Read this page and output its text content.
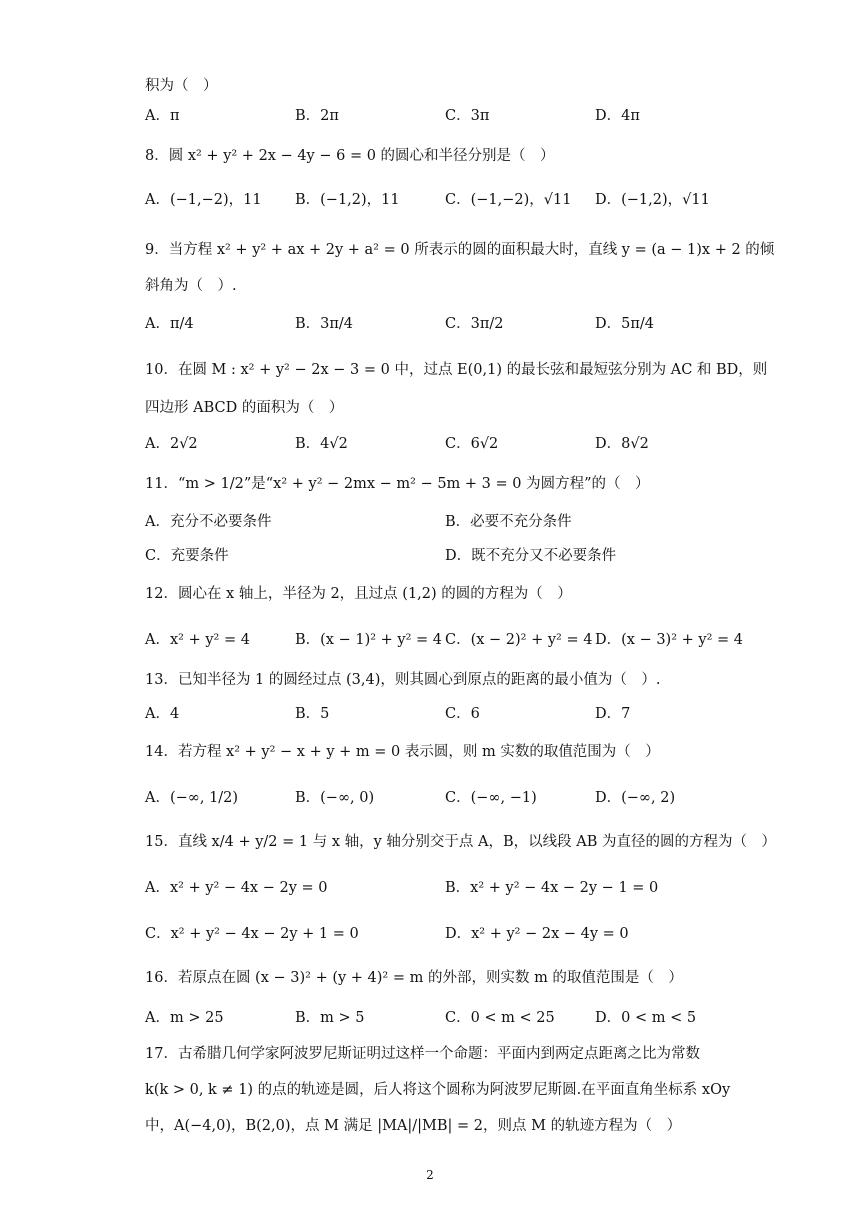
积为（　）
A．π	B．2π	C．3π	D．4π
8．圆 x² + y² + 2x − 4y − 6 = 0 的圆心和半径分别是（　）
A．(−1,−2)，11 B．(−1,2)，11	C．(−1,−2)，√11 D．(−1,2)，√11
9．当方程 x² + y² + ax + 2y + a² = 0 所表示的圆的面积最大时，直线 y = (a − 1)x + 2 的倾
斜角为（　）.
A．π/4	B．3π/4	C．3π/2	D．5π/4
10．在圆 M : x² + y² − 2x − 3 = 0 中，过点 E(0,1) 的最长弦和最短弦分别为 AC 和 BD，则
四边形 ABCD 的面积为（　）
A．2√2	B．4√2	C．6√2	D．8√2
11．“m > 1/2”是“x² + y² − 2mx − m² − 5m + 3 = 0 为圆方程”的（　）
A．充分不必要条件	B．必要不充分条件
C．充要条件	D．既不充分又不必要条件
12．圆心在 x 轴上，半径为 2，且过点 (1,2) 的圆的方程为（　）
A．x² + y² = 4	B．(x − 1)² + y² = 4 C．(x − 2)² + y² = 4 D．(x − 3)² + y² = 4
13．已知半径为 1 的圆经过点 (3,4)，则其圆心到原点的距离的最小值为（　）.
A．4	B．5	C．6	D．7
14．若方程 x² + y² − x + y + m = 0 表示圆，则 m 实数的取值范围为（　）
A．(−∞, 1/2)	B．(−∞, 0)	C．(−∞, −1)	D．(−∞, 2)
15．直线 x/4 + y/2 = 1 与 x 轴，y 轴分别交于点 A，B，以线段 AB 为直径的圆的方程为（　）
A．x² + y² − 4x − 2y = 0	B．x² + y² − 4x − 2y − 1 = 0
C．x² + y² − 4x − 2y + 1 = 0	D．x² + y² − 2x − 4y = 0
16．若原点在圆 (x − 3)² + (y + 4)² = m 的外部，则实数 m 的取值范围是（　）
A．m > 25	B．m > 5	C．0 < m < 25	D．0 < m < 5
17．古希腊几何学家阿波罗尼斯证明过这样一个命题：平面内到两定点距离之比为常数
k(k > 0, k ≠ 1) 的点的轨迹是圆，后人将这个圆称为阿波罗尼斯圆.在平面直角坐标系 xOy
中，A(−4,0)，B(2,0)，点 M 满足 |MA|/|MB| = 2，则点 M 的轨迹方程为（　）
2
